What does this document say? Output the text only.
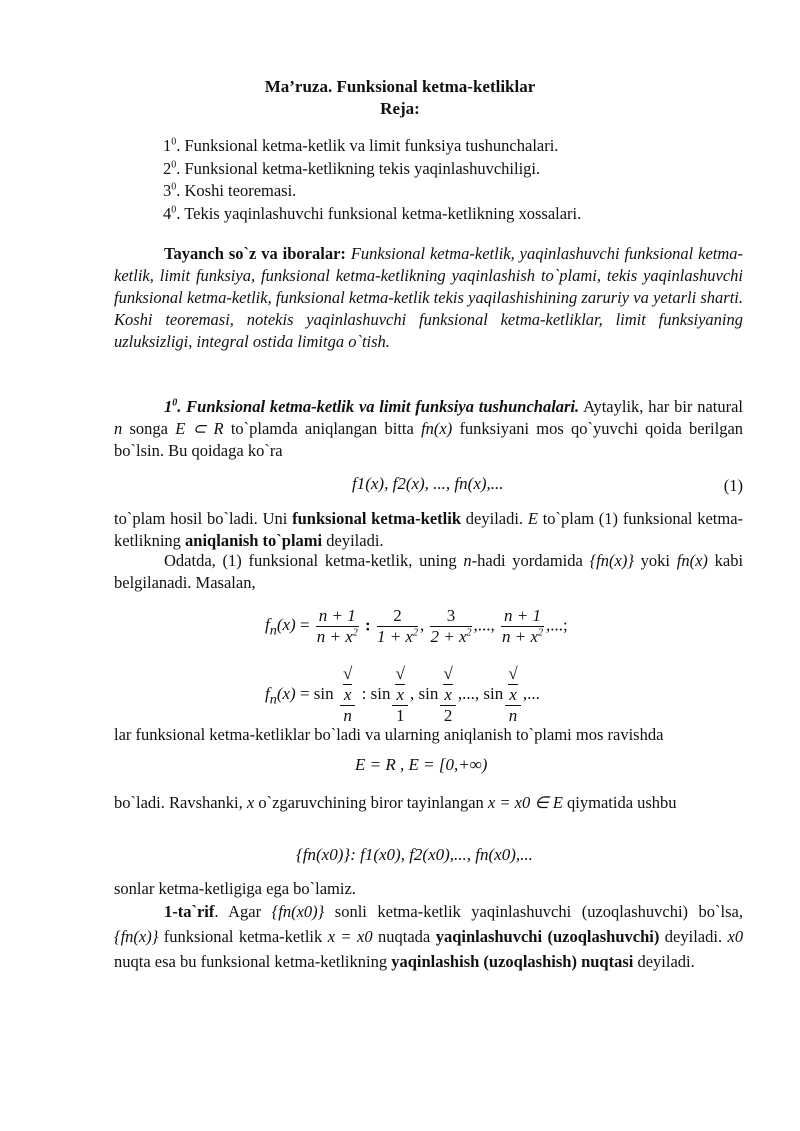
Ma’ruza. Funksional ketma-ketliklar
Reja:
$1^0$. Funksional ketma-ketlik va limit funksiya tushunchalari.
$2^0$. Funksional ketma-ketlikning tekis yaqinlashuvchiligi.
$3^0$. Koshi teoremasi.
$4^0$. Tekis yaqinlashuvchi funksional ketma-ketlikning xossalari.
Tayanch so`z va iboralar: Funksional ketma-ketlik, yaqinlashuvchi funksional ketma-ketlik, limit funksiya, funksional ketma-ketlikning yaqinlashish to`plami, tekis yaqinlashuvchi funksional ketma-ketlik, funksional ketma-ketlik tekis yaqilashishining zaruriy va yetarli sharti. Koshi teoremasi, notekis yaqinlashuvchi funksional ketma-ketliklar, limit funksiyaning uzluksizligi, integral ostida limitga o`tish.
$1^0$. Funksional ketma-ketlik va limit funksiya tushunchalari. Aytaylik, har bir natural n songa E ⊂ R to`plamda aniqlangan bitta fn(x) funksiyani mos qo`yuvchi qoida berilgan bo`lsin. Bu qoidaga ko`ra
f1(x), f2(x), ..., fn(x),...	(1)
to`plam hosil bo`ladi. Uni funksional ketma-ketlik deyiladi. E to`plam (1) funksional ketma-ketlikning aniqlanish to`plami deyiladi.
Odatda, (1) funksional ketma-ketlik, uning n-hadi yordamida {fn(x)} yoki fn(x) kabi belgilanadi. Masalan,
$f_n(x) = \frac{n + 1}{n + x^2}$ : $\frac{2}{1 + x^2}$ , $\frac{3}{2 + x^2}$ ,..., $\frac{n + 1}{n + x^2}$ ,...;
$f_n(x) = \sin$ √
x
n : sin √
x
1 , sin √
x
2 ,..., sin √
x
n ,...
lar funksional ketma-ketliklar bo`ladi va ularning aniqlanish to`plami mos ravishda
E = R , E = [0,+∞)
bo`ladi. Ravshanki, x o`zgaruvchining biror tayinlangan x = x0 ∈ E qiymatida ushbu
{fn(x0)}: f1(x0), f2(x0),..., fn(x0),...
sonlar ketma-ketligiga ega bo`lamiz.
1-ta`rif. Agar {fn(x0)} sonli ketma-ketlik yaqinlashuvchi (uzoqlashuvchi) bo`lsa, {fn(x)} funksional ketma-ketlik x = x0 nuqtada yaqinlashuvchi (uzoqlashuvchi) deyiladi. x0 nuqta esa bu funksional ketma-ketlikning yaqinlashish (uzoqlashish) nuqtasi deyiladi.
